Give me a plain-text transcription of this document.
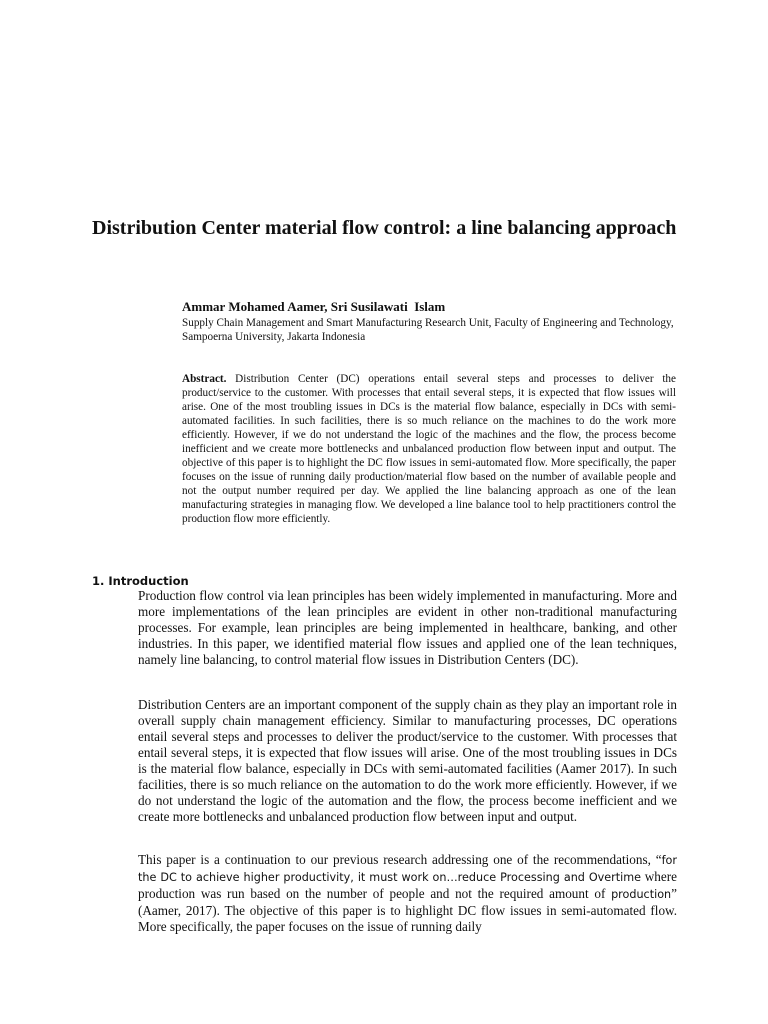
Distribution Center material flow control: a line balancing approach
Ammar Mohamed Aamer, Sri Susilawati  Islam
Supply Chain Management and Smart Manufacturing Research Unit, Faculty of Engineering and Technology, Sampoerna University, Jakarta Indonesia

Abstract. Distribution Center (DC) operations entail several steps and processes to deliver the product/service to the customer. With processes that entail several steps, it is expected that flow issues will arise. One of the most troubling issues in DCs is the material flow balance, especially in DCs with semi-automated facilities. In such facilities, there is so much reliance on the machines to do the work more efficiently. However, if we do not understand the logic of the machines and the flow, the process become inefficient and we create more bottlenecks and unbalanced production flow between input and output. The objective of this paper is to highlight the DC flow issues in semi-automated flow. More specifically, the paper focuses on the issue of running daily production/material flow based on the number of available people and not the output number required per day. We applied the line balancing approach as one of the lean manufacturing strategies in managing flow. We developed a line balance tool to help practitioners control the production flow more efficiently.

1. Introduction

Production flow control via lean principles has been widely implemented in manufacturing. More and more implementations of the lean principles are evident in other non-traditional manufacturing processes. For example, lean principles are being implemented in healthcare, banking, and other industries. In this paper, we identified material flow issues and applied one of the lean techniques, namely line balancing, to control material flow issues in Distribution Centers (DC).

Distribution Centers are an important component of the supply chain as they play an important role in overall supply chain management efficiency. Similar to manufacturing processes, DC operations entail several steps and processes to deliver the product/service to the customer. With processes that entail several steps, it is expected that flow issues will arise. One of the most troubling issues in DCs is the material flow balance, especially in DCs with semi-automated facilities (Aamer 2017). In such facilities, there is so much reliance on the automation to do the work more efficiently. However, if we do not understand the logic of the automation and the flow, the process become inefficient and we create more bottlenecks and unbalanced production flow between input and output.

This paper is a continuation to our previous research addressing one of the recommendations, “for the DC to achieve higher productivity, it must work on…reduce Processing and Overtime where production was run based on the number of people and not the required amount of production” (Aamer, 2017). The objective of this paper is to highlight DC flow issues in semi-automated flow. More specifically, the paper focuses on the issue of running daily
